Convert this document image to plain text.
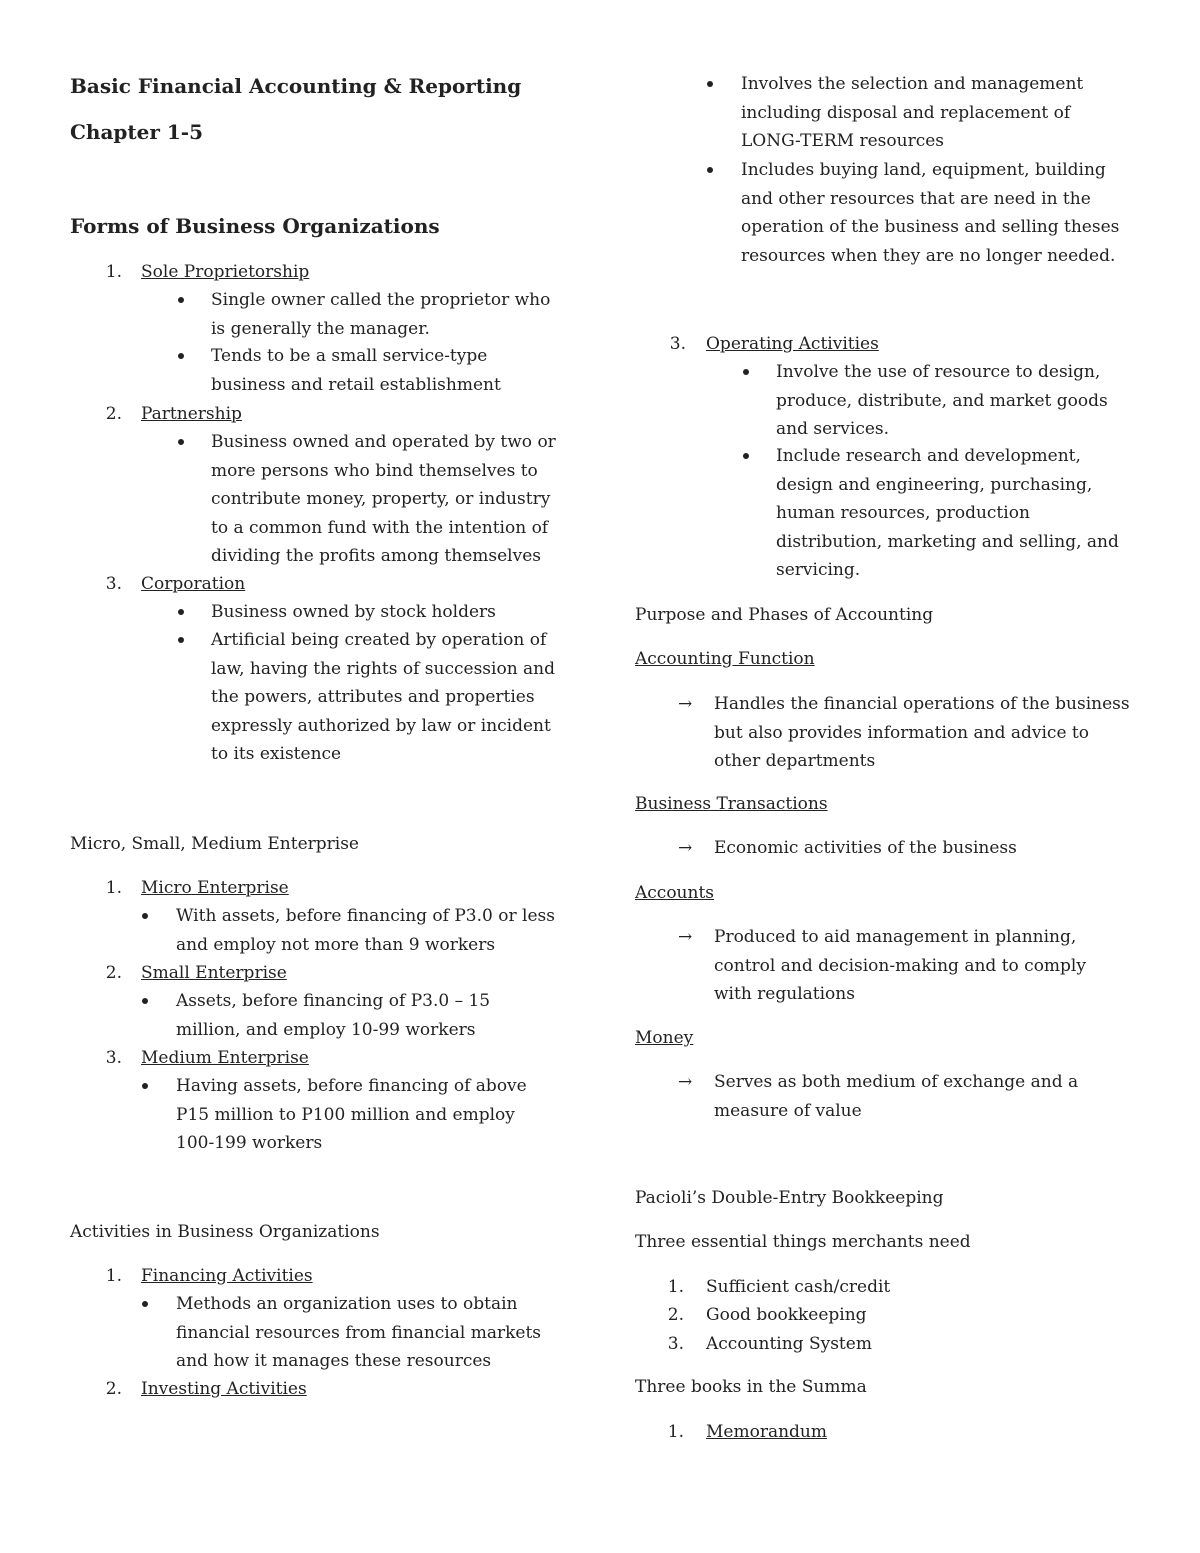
Basic Financial Accounting & Reporting
Chapter 1-5
Forms of Business Organizations
1. Sole Proprietorship
Single owner called the proprietor who is generally the manager.
Tends to be a small service-type business and retail establishment
2. Partnership
Business owned and operated by two or more persons who bind themselves to contribute money, property, or industry to a common fund with the intention of dividing the profits among themselves
3. Corporation
Business owned by stock holders
Artificial being created by operation of law, having the rights of succession and the powers, attributes and properties expressly authorized by law or incident to its existence
Micro, Small, Medium Enterprise
1. Micro Enterprise
With assets, before financing of P3.0 or less and employ not more than 9 workers
2. Small Enterprise
Assets, before financing of P3.0 – 15 million, and employ 10-99 workers
3. Medium Enterprise
Having assets, before financing of above P15 million to P100 million and employ 100-199 workers
Activities in Business Organizations
1. Financing Activities
Methods an organization uses to obtain financial resources from financial markets and how it manages these resources
2. Investing Activities
Involves the selection and management including disposal and replacement of LONG-TERM resources
Includes buying land, equipment, building and other resources that are need in the operation of the business and selling theses resources when they are no longer needed.
3. Operating Activities
Involve the use of resource to design, produce, distribute, and market goods and services.
Include research and development, design and engineering, purchasing, human resources, production distribution, marketing and selling, and servicing.
Purpose and Phases of Accounting
Accounting Function
→ Handles the financial operations of the business but also provides information and advice to other departments
Business Transactions
→ Economic activities of the business
Accounts
→ Produced to aid management in planning, control and decision-making and to comply with regulations
Money
→ Serves as both medium of exchange and a measure of value
Pacioli’s Double-Entry Bookkeeping
Three essential things merchants need
1. Sufficient cash/credit
2. Good bookkeeping
3. Accounting System
Three books in the Summa
1. Memorandum
